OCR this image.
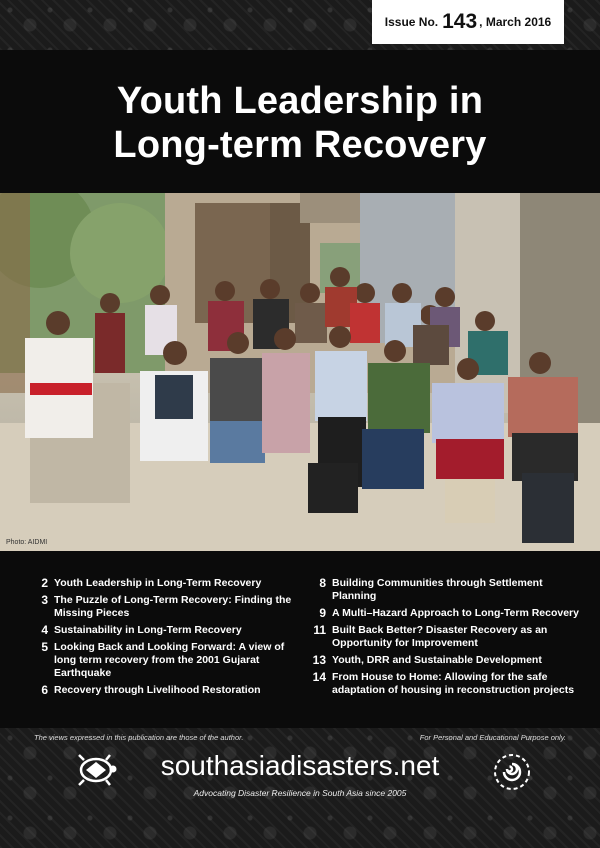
Issue No. 143 , March 2016
Youth Leadership in
Long-term Recovery
Photo: AIDMI
2 Youth Leadership in Long-Term Recovery
3 The Puzzle of Long-Term Recovery: Finding the Missing Pieces
4 Sustainability in Long-Term Recovery
5 Looking Back and Looking Forward: A view of long term recovery from the 2001 Gujarat Earthquake
6 Recovery through Livelihood Restoration
8 Building Communities through Settlement Planning
9 A Multi–Hazard Approach to Long-Term Recovery
11 Built Back Better? Disaster Recovery as an Opportunity for Improvement
13 Youth, DRR and Sustainable Development
14 From House to Home: Allowing for the safe adaptation of housing in reconstruction projects
The views expressed in this publication are those of the author.	For Personal and Educational Purpose only.
southasiadisasters.net
Advocating Disaster Resilience in South Asia since 2005
